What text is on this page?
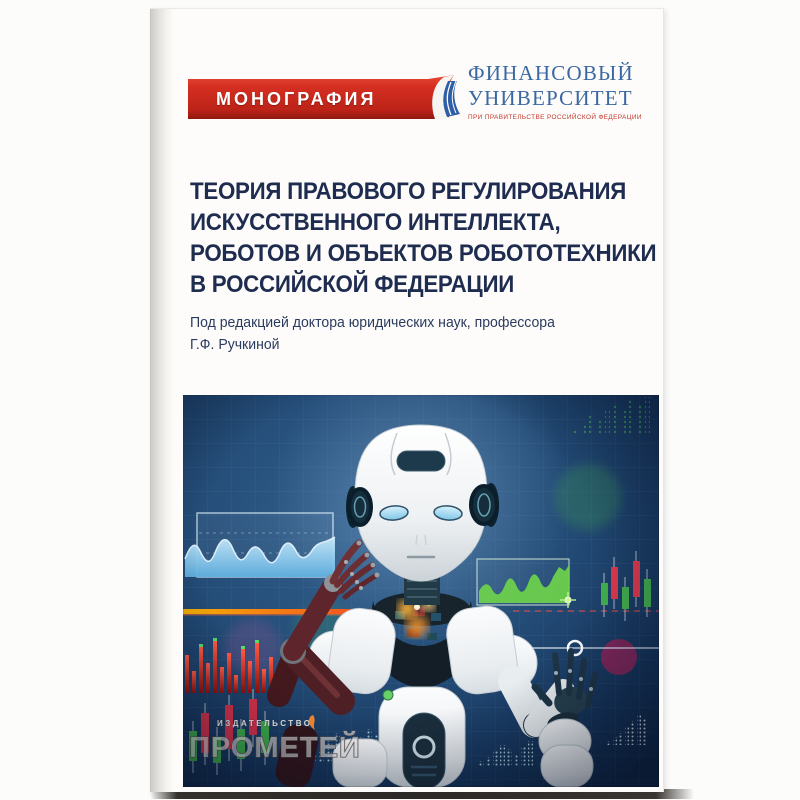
МОНОГРАФИЯ
ФИНАНСОВЫЙ
УНИВЕРСИТЕТ
ПРИ ПРАВИТЕЛЬСТВЕ РОССИЙСКОЙ ФЕДЕРАЦИИ
ТЕОРИЯ ПРАВОВОГО РЕГУЛИРОВАНИЯ
ИСКУССТВЕННОГО ИНТЕЛЛЕКТА,
РОБОТОВ И ОБЪЕКТОВ РОБОТОТЕХНИКИ
В РОССИЙСКОЙ ФЕДЕРАЦИИ
Под редакцией доктора юридических наук, профессора
Г.Ф. Ручкиной
